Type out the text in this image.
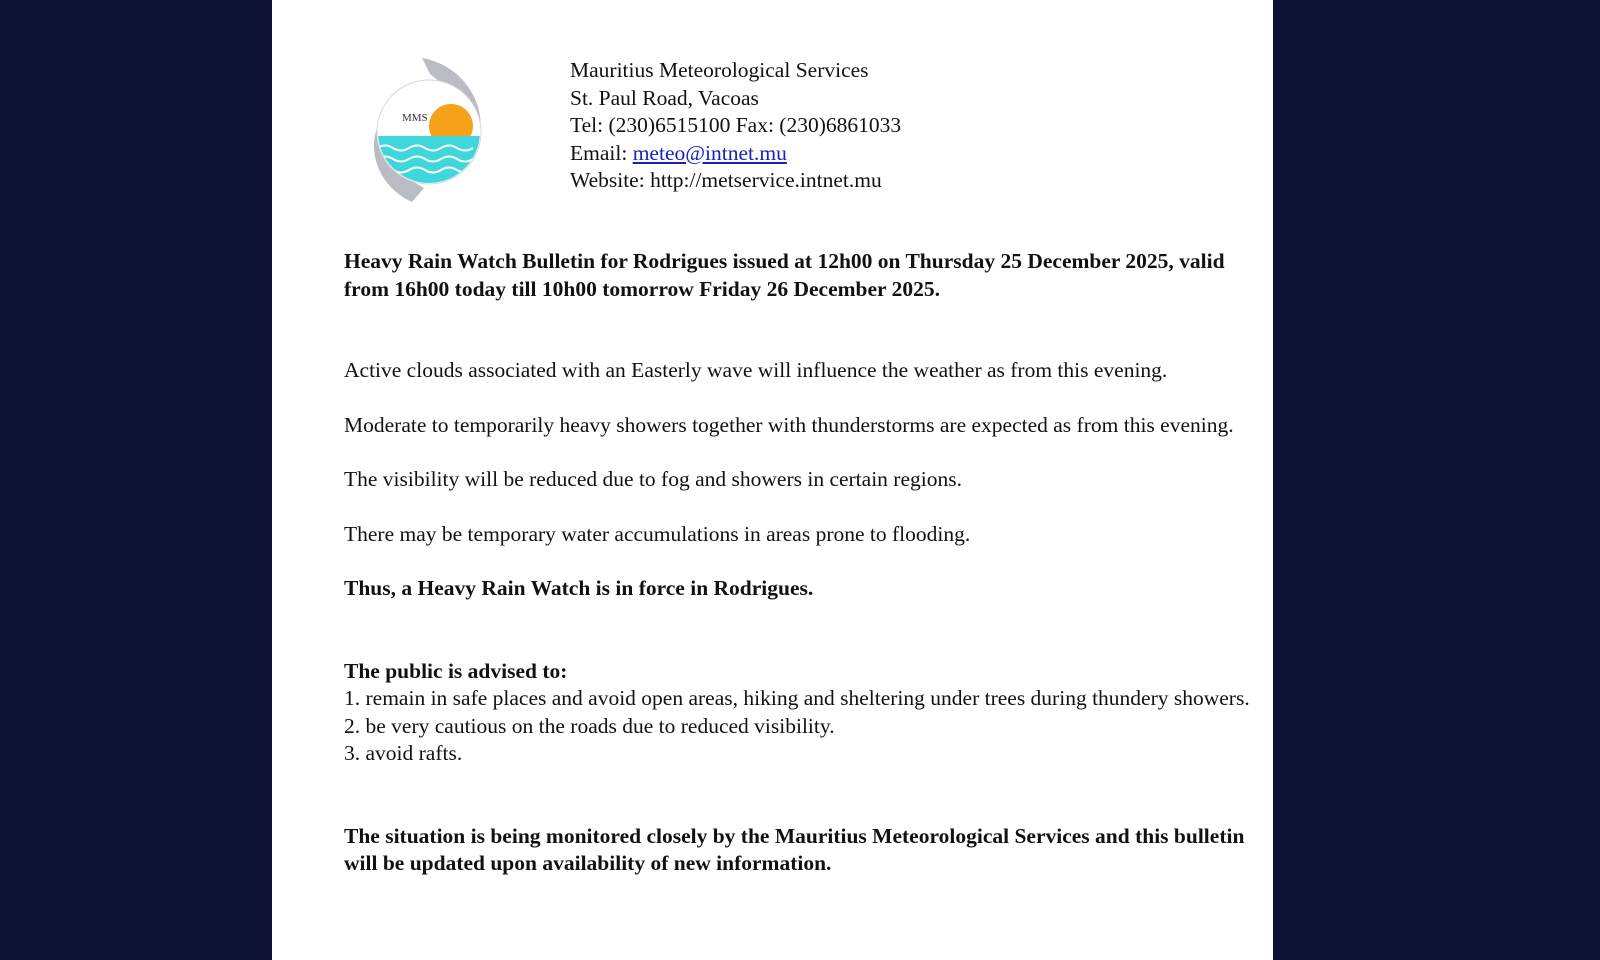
MMS
Mauritius Meteorological Services
St. Paul Road, Vacoas
Tel: (230)6515100 Fax: (230)6861033
Email: meteo@intnet.mu
Website: http://metservice.intnet.mu
Heavy Rain Watch Bulletin for Rodrigues issued at 12h00 on Thursday 25 December 2025, valid from 16h00 today till 10h00 tomorrow Friday 26 December 2025.
Active clouds associated with an Easterly wave will influence the weather as from this evening.
Moderate to temporarily heavy showers together with thunderstorms are expected as from this evening.
The visibility will be reduced due to fog and showers in certain regions.
There may be temporary water accumulations in areas prone to flooding.
Thus, a Heavy Rain Watch is in force in Rodrigues.
The public is advised to:
1. remain in safe places and avoid open areas, hiking and sheltering under trees during thundery showers.
2. be very cautious on the roads due to reduced visibility.
3. avoid rafts.
The situation is being monitored closely by the Mauritius Meteorological Services and this bulletin will be updated upon availability of new information.
